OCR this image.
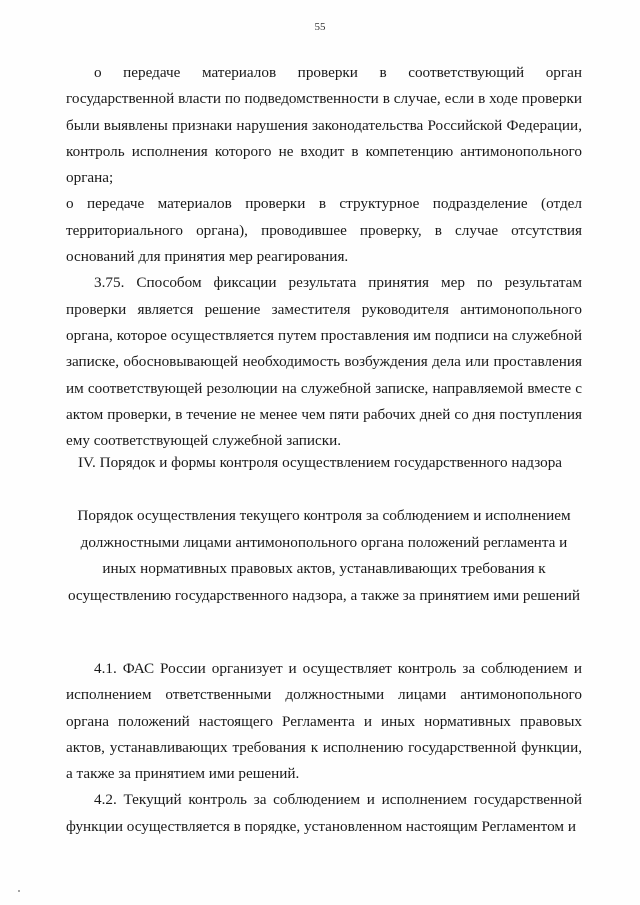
55

о передаче материалов проверки в соответствующий орган государственной власти по подведомственности в случае, если в ходе проверки были выявлены признаки нарушения законодательства Российской Федерации, контроль исполнения которого не входит в компетенцию антимонопольного органа;

о передаче материалов проверки в структурное подразделение (отдел территориального органа), проводившее проверку, в случае отсутствия оснований для принятия мер реагирования.

3.75. Способом фиксации результата принятия мер по результатам проверки является решение заместителя руководителя антимонопольного органа, которое осуществляется путем проставления им подписи на служебной записке, обосновывающей необходимость возбуждения дела или проставления им соответствующей резолюции на служебной записке, направляемой вместе с актом проверки, в течение не менее чем пяти рабочих дней со дня поступления ему соответствующей служебной записки.

IV. Порядок и формы контроля осуществлением государственного надзора
Порядок осуществления текущего контроля за соблюдением и исполнением должностными лицами антимонопольного органа положений регламента и иных нормативных правовых актов, устанавливающих требования к осуществлению государственного надзора, а также за принятием ими решений

4.1. ФАС России организует и осуществляет контроль за соблюдением и исполнением ответственными должностными лицами антимонопольного органа положений настоящего Регламента и иных нормативных правовых актов, устанавливающих требования к исполнению государственной функции, а также за принятием ими решений.

4.2. Текущий контроль за соблюдением и исполнением государственной функции осуществляется в порядке, установленном настоящим Регламентом и
